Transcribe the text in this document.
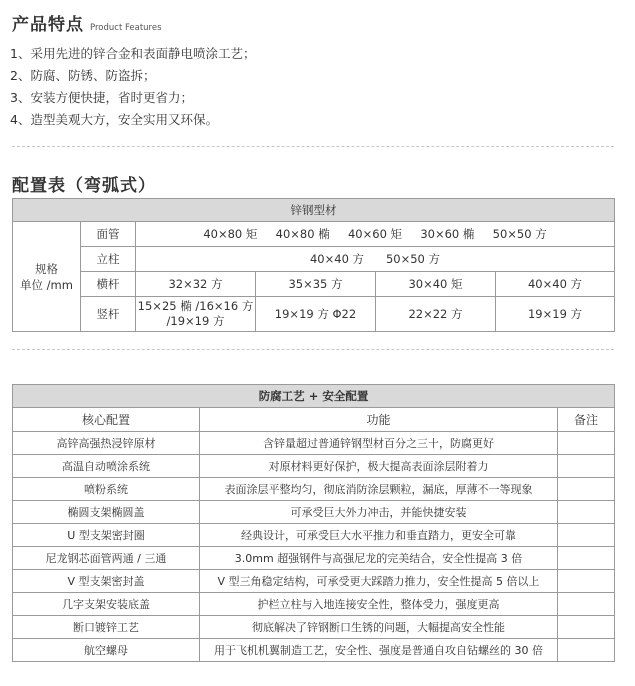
产品特点 Product Features
1、采用先进的锌合金和表面静电喷涂工艺；
2、防腐、防锈、防盗拆；
3、安装方便快捷，省时更省力；
4、造型美观大方，安全实用又环保。
配置表（弯弧式）
锌钢型材					

规格
单位 /mm	面管	40×80 矩     40×80 椭     40×60 矩     30×60 椭     50×50 方			
	立柱	40×40 方      50×50 方			
	横杆	32×32 方	35×35 方	30×40 矩	40×40 方
	竖杆	15×25 椭 /16×16 方 /19×19 方	19×19 方 Φ22	22×22 方	19×19 方
防腐工艺 + 安全配置		
核心配置	功能	备注
高锌高强热浸锌原材	含锌量超过普通锌钢型材百分之三十，防腐更好	
高温自动喷涂系统	对原材料更好保护，极大提高表面涂层附着力	
喷粉系统	表面涂层平整均匀，彻底消防涂层颗粒，漏底，厚薄不一等现象	
椭圆支架椭圆盖	可承受巨大外力冲击，并能快捷安装	
U 型支架密封圈	经典设计，可承受巨大水平推力和垂直踏力，更安全可靠	
尼龙钢芯面管两通 / 三通	3.0mm 超强钢件与高强尼龙的完美结合，安全性提高 3 倍	
V 型支架密封盖	V 型三角稳定结构，可承受更大踩踏力推力，安全性提高 5 倍以上	
几字支架安装底盖	护栏立柱与入地连接安全性，整体受力，强度更高	
断口镀锌工艺	彻底解决了锌钢断口生锈的问题，大幅提高安全性能	
航空螺母	用于飞机机翼制造工艺，安全性、强度是普通自攻自钻螺丝的 30 倍	
